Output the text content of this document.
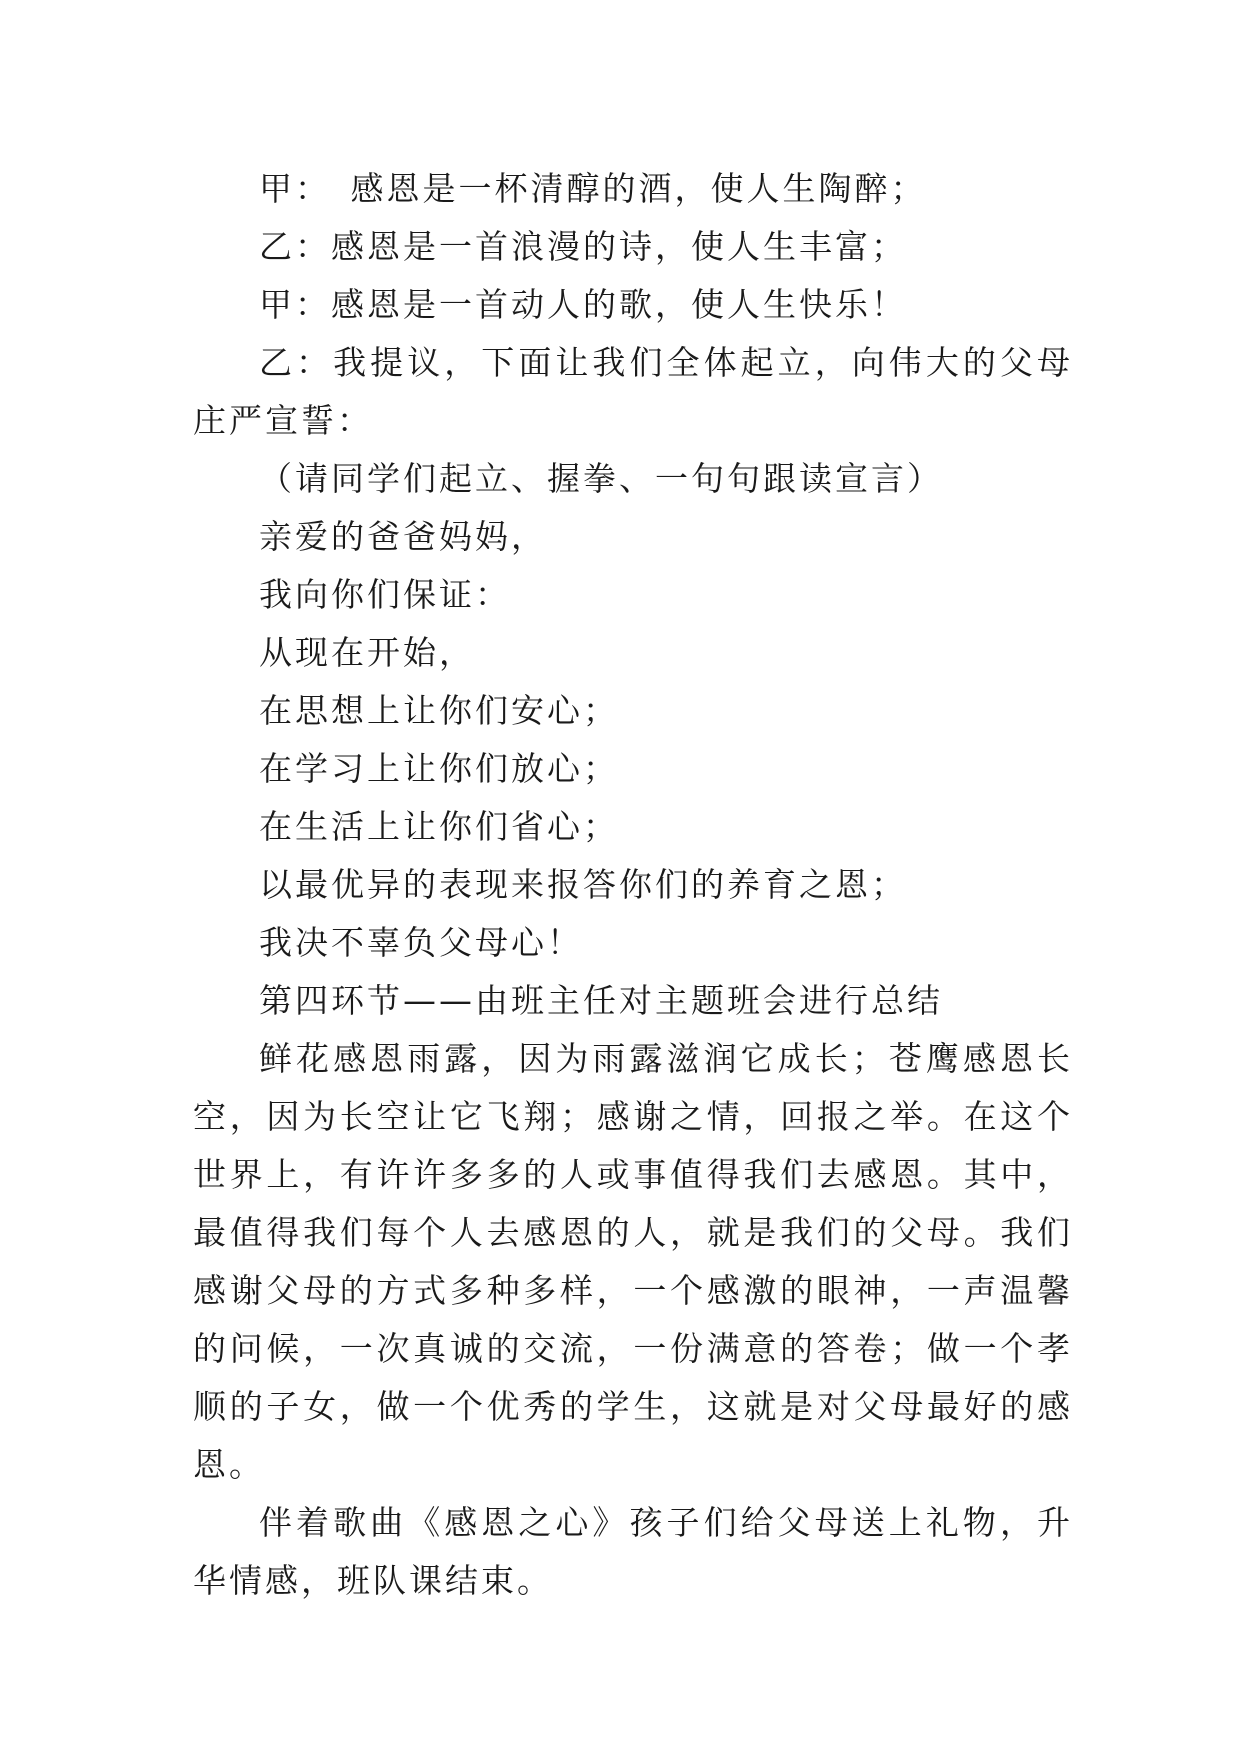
甲：　感恩是一杯清醇的酒，使人生陶醉；

乙：感恩是一首浪漫的诗，使人生丰富；

甲：感恩是一首动人的歌，使人生快乐！

乙：我提议，下面让我们全体起立，向伟大的父母庄严宣誓：

（请同学们起立、握拳、一句句跟读宣言）

亲爱的爸爸妈妈，

我向你们保证：

从现在开始，

在思想上让你们安心；

在学习上让你们放心；

在生活上让你们省心；

以最优异的表现来报答你们的养育之恩；

我决不辜负父母心！

第四环节——由班主任对主题班会进行总结

鲜花感恩雨露，因为雨露滋润它成长；苍鹰感恩长空，因为长空让它飞翔；感谢之情，回报之举。在这个世界上，有许许多多的人或事值得我们去感恩。其中，最值得我们每个人去感恩的人，就是我们的父母。我们感谢父母的方式多种多样，一个感激的眼神，一声温馨的问候，一次真诚的交流，一份满意的答卷；做一个孝顺的子女，做一个优秀的学生，这就是对父母最好的感恩。

伴着歌曲《感恩之心》孩子们给父母送上礼物，升华情感，班队课结束。
